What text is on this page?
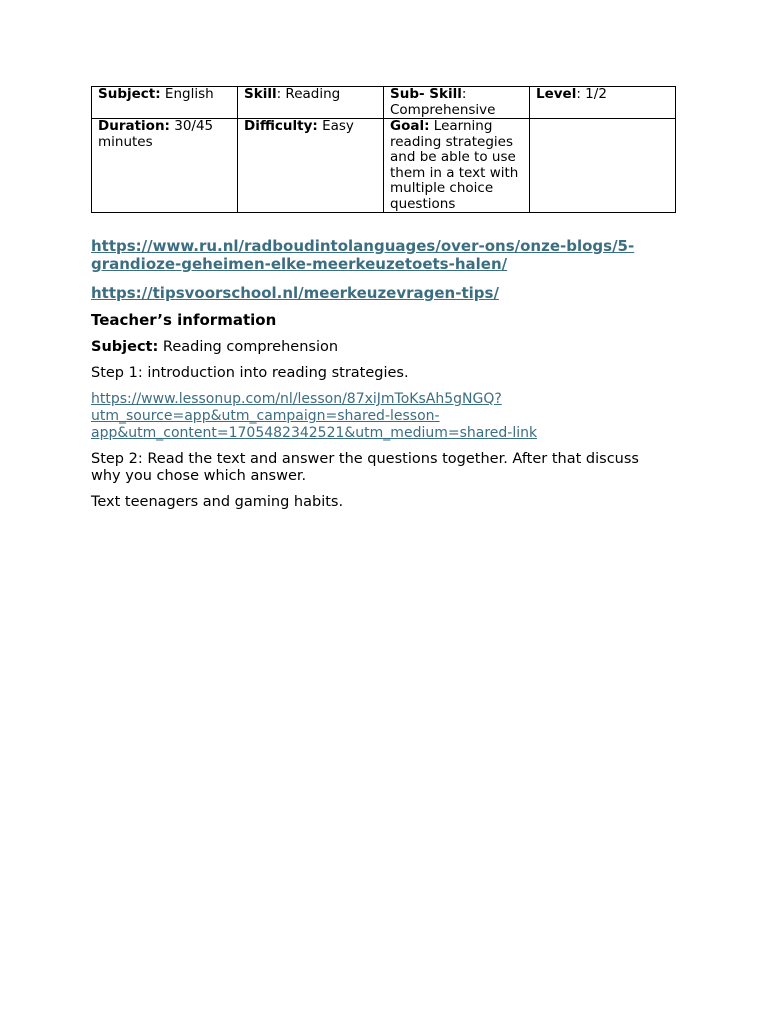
Subject: English	Skill: Reading	Sub- Skill: Comprehensive	Level: 1/2
Duration: 30/45 minutes	Difficulty: Easy	Goal: Learning reading strategies and be able to use them in a text with multiple choice questions	
https://www.ru.nl/radboudintolanguages/over-ons/onze-blogs/5-grandioze-geheimen-elke-meerkeuzetoets-halen/
https://tipsvoorschool.nl/meerkeuzevragen-tips/
Teacher’s information
Subject: Reading comprehension
Step 1: introduction into reading strategies.
https://www.lessonup.com/nl/lesson/87xiJmToKsAh5gNGQ?
utm_source=app&utm_campaign=shared-lesson-
app&utm_content=1705482342521&utm_medium=shared-link
Step 2: Read the text and answer the questions together. After that discuss why you chose which answer.
Text teenagers and gaming habits.
